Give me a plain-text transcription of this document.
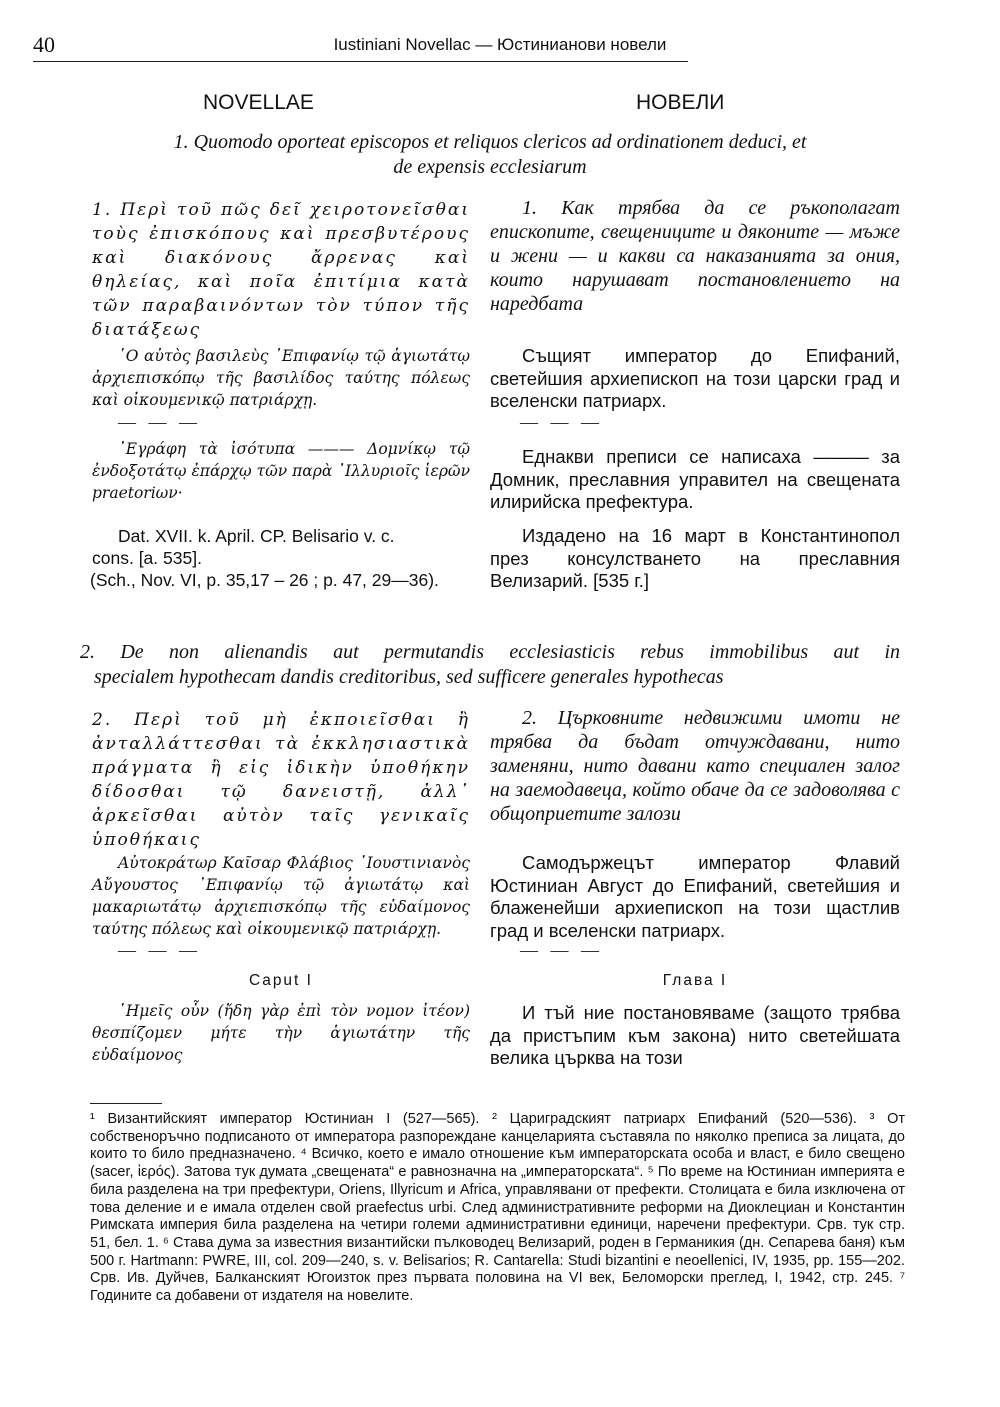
40	Iustiniani Novellac — Юстинианови новели
NOVELLAE	НОВЕЛИ
1. Quomodo oporteat episcopos et reliquos clericos ad ordinationem deduci, et
de expensis ecclesiarum
1. Περὶ τοῦ πῶς δεῖ χειροτονεῖσθαι τοὺς ἐπισκόπους καὶ πρεσβυτέρους καὶ διακόνους ἄρρενας καὶ θηλείας, καὶ ποῖα ἐπιτίμια κατὰ τῶν παραβαινόντων τὸν τύπον τῆς διατάξεως
῾Ο αὐτὸς βασιλεὺς ᾿Επιφανίῳ τῷ ἁγιωτάτῳ ἀρχιεπισκόπῳ τῆς βασιλίδος ταύτης πόλεως καὶ οἰκουμενικῷ πατριάρχῃ.
— — —
᾿Εγράφη τὰ ἰσότυπα ——— Δομνίκῳ τῷ ἐνδοξοτάτῳ ἐπάρχῳ τῶν παρὰ ᾿Ιλλυριοῖς ἱερῶν praetoriων·
Dat. XVII. k. April. CP. Belisario v. c.
cons. [a. 535].
(Sch., Nov. VI, p. 35,17 – 26 ; p. 47, 29—36).
1. Как трябва да се ръкополагат епископите, свещениците и дяконите — мъже и жени — и какви са наказанията за ония, които нарушават постановлението на наредбата
Същият император до Епифаний, светейшия архиепископ на този царски град и вселенски патриарх.
— — —
Еднакви преписи се написаха ——— за Домник, преславния управител на свещената илирийска префектура.
Издадено на 16 март в Константинопол през консулстването на преславния Велизарий. [535 г.]
2. De non alienandis aut permutandis ecclesiasticis rebus immobilibus aut in
specialem hypothecam dandis creditoribus, sed sufficere generales hypothecas
2. Περὶ τοῦ μὴ ἐκποιεῖσθαι ἢ ἀνταλλάττεσθαι τὰ ἐκκλησιαστικὰ πράγματα ἢ εἰς ἰδικὴν ὑποθήκην δίδοσθαι τῷ δανειστῇ, ἀλλ᾿ ἀρκεῖσθαι αὐτὸν ταῖς γενικαῖς ὑποθήκαις
Αὐτοκράτωρ Καῖσαρ Φλάβιος ᾿Ιουστινιανὸς Αὔγουστος ᾿Επιφανίῳ τῷ ἁγιωτάτῳ καὶ μακαριωτάτῳ ἀρχιεπισκόπῳ τῆς εὐδαίμονος ταύτης πόλεως καὶ οἰκουμενικῷ πατριάρχῃ.
— — —
Caput I
῾Ημεῖς οὖν (ἤδη γὰρ ἐπὶ τὸν νομον ἰτέον) θεσπίζομεν μήτε τὴν ἁγιωτάτην τῆς εὐδαίμονος
2. Църковните недвижими имоти не трябва да бъдат отчуждавани, нито заменяни, нито давани като специален залог на заемодавеца, който обаче да се задоволява с общоприетите залози
Самодържецът император Флавий Юстиниан Август до Епифаний, светейшия и блаженейши архиепископ на този щастлив град и вселенски патриарх.
— — —
Глава I
И тъй ние постановяваме (защото трябва да пристъпим към закона) нито светейшата велика църква на този
¹ Византийският император Юстиниан I (527—565). ² Цариградският патриарх Епифаний (520—536). ³ От собственоръчно подписаното от императора разпореждане канцеларията съставяла по няколко преписа за лицата, до които то било предназначено. ⁴ Всичко, което е имало отношение към императорската особа и власт, е било свещено (sacer, ἱερός). Затова тук думата „свещената“ е равнозначна на „императорската“. ⁵ По време на Юстиниан империята е била разделена на три префектури, Oriens, Illyricum и Africa, управлявани от префекти. Столицата е била изключена от това деление и е имала отделен свой praefectus urbi. След административните реформи на Диоклециан и Константин Римската империя била разделена на четири големи административни единици, наречени префектури. Срв. тук стр. 51, бел. 1. ⁶ Става дума за известния византийски пълководец Велизарий, роден в Германикия (дн. Сепарева баня) към 500 г. Hartmann: PWRE, III, col. 209—240, s. v. Belisarios; R. Cantarella: Studi bizantini e neoellenici, IV, 1935, pp. 155—202. Срв. Ив. Дуйчев, Балканският Югоизток през първата половина на VI век, Беломорски преглед, I, 1942, стр. 245. ⁷ Годините са добавени от издателя на новелите.
